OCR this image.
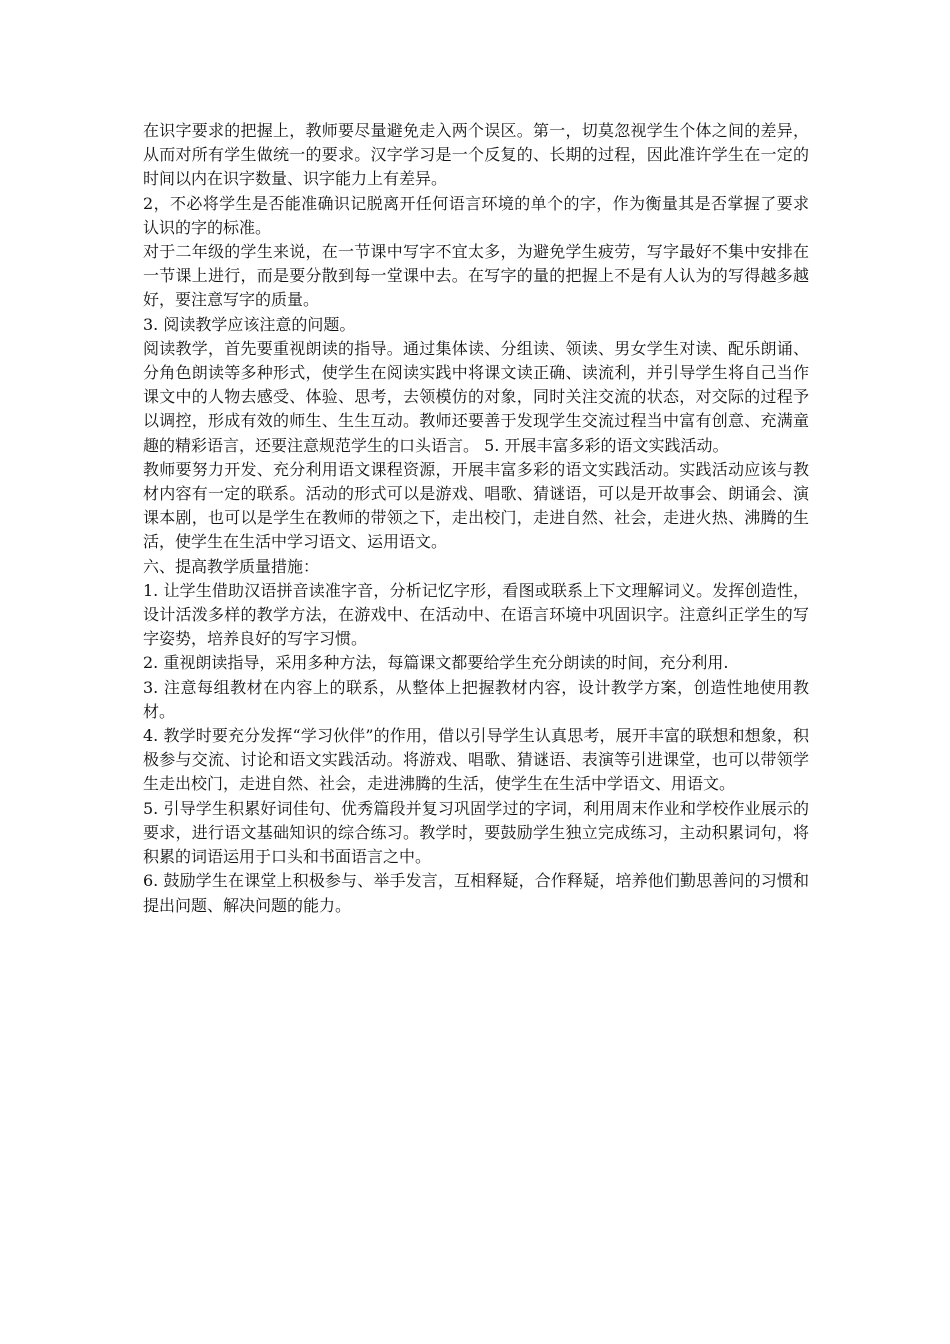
在识字要求的把握上，教师要尽量避免走入两个误区。第一，切莫忽视学生个体之间的差异，从而对所有学生做统一的要求。汉字学习是一个反复的、长期的过程，因此准许学生在一定的时间以内在识字数量、识字能力上有差异。

2，不必将学生是否能准确识记脱离开任何语言环境的单个的字，作为衡量其是否掌握了要求认识的字的标准。

对于二年级的学生来说，在一节课中写字不宜太多，为避免学生疲劳，写字最好不集中安排在一节课上进行，而是要分散到每一堂课中去。在写字的量的把握上不是有人认为的写得越多越好，要注意写字的质量。

3. 阅读教学应该注意的问题。

阅读教学，首先要重视朗读的指导。通过集体读、分组读、领读、男女学生对读、配乐朗诵、分角色朗读等多种形式，使学生在阅读实践中将课文读正确、读流利，并引导学生将自己当作课文中的人物去感受、体验、思考，去领模仿的对象，同时关注交流的状态，对交际的过程予以调控，形成有效的师生、生生互动。教师还要善于发现学生交流过程当中富有创意、充满童趣的精彩语言，还要注意规范学生的口头语言。 5. 开展丰富多彩的语文实践活动。

教师要努力开发、充分利用语文课程资源，开展丰富多彩的语文实践活动。实践活动应该与教材内容有一定的联系。活动的形式可以是游戏、唱歌、猜谜语，可以是开故事会、朗诵会、演课本剧，也可以是学生在教师的带领之下，走出校门，走进自然、社会，走进火热、沸腾的生活，使学生在生活中学习语文、运用语文。

六、提高教学质量措施：

1. 让学生借助汉语拼音读准字音，分析记忆字形，看图或联系上下文理解词义。发挥创造性，设计活泼多样的教学方法，在游戏中、在活动中、在语言环境中巩固识字。注意纠正学生的写字姿势，培养良好的写字习惯。

2. 重视朗读指导，采用多种方法，每篇课文都要给学生充分朗读的时间，充分利用.

3. 注意每组教材在内容上的联系，从整体上把握教材内容，设计教学方案，创造性地使用教材。

4. 教学时要充分发挥“学习伙伴”的作用，借以引导学生认真思考，展开丰富的联想和想象，积极参与交流、讨论和语文实践活动。将游戏、唱歌、猜谜语、表演等引进课堂，也可以带领学生走出校门，走进自然、社会，走进沸腾的生活，使学生在生活中学语文、用语文。

5. 引导学生积累好词佳句、优秀篇段并复习巩固学过的字词，利用周末作业和学校作业展示的要求，进行语文基础知识的综合练习。教学时，要鼓励学生独立完成练习，主动积累词句，将积累的词语运用于口头和书面语言之中。

6. 鼓励学生在课堂上积极参与、举手发言，互相释疑，合作释疑，培养他们勤思善问的习惯和提出问题、解决问题的能力。
